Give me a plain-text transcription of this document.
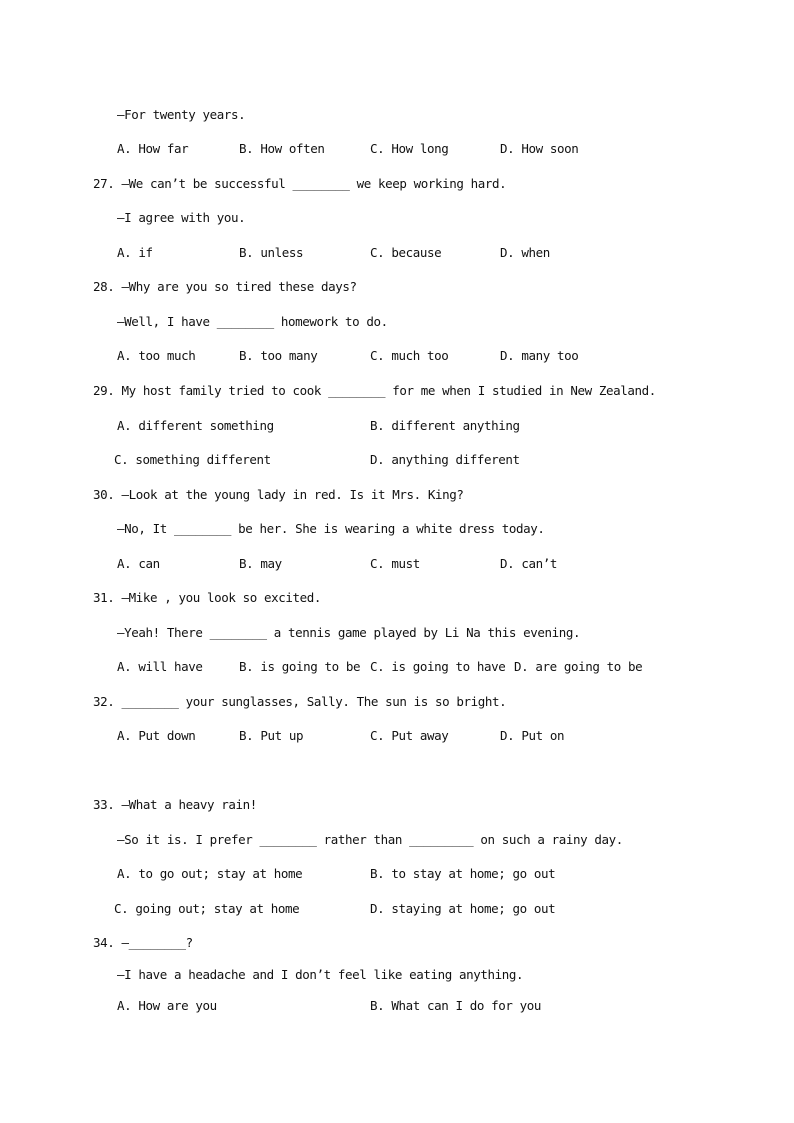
—For twenty years.
A. How far	B. How often	C. How long	D. How soon
27. —We can’t be successful ________ we keep working hard.
—I agree with you.
A. if	B. unless	C. because	D. when
28. —Why are you so tired these days?
—Well, I have ________ homework to do.
A. too much	B. too many	C. much too	D. many too
29. My host family tried to cook ________ for me when I studied in New Zealand.
A. different something	B. different anything
C. something different	D. anything different
30. —Look at the young lady in red. Is it Mrs. King?
—No, It ________ be her. She is wearing a white dress today.
A. can	B. may	C. must	D. can’t
31. —Mike , you look so excited.
—Yeah! There ________ a tennis game played by Li Na this evening.
A. will have	B. is going to be C. is going to have D. are going to be
32. ________ your sunglasses, Sally. The sun is so bright.
A. Put down	B. Put up	C. Put away	D. Put on
33. —What a heavy rain!
—So it is. I prefer ________ rather than _________ on such a rainy day.
A. to go out; stay at home	B. to stay at home; go out
C. going out; stay at home	D. staying at home; go out
34. —________?
—I have a headache and I don’t feel like eating anything.
A. How are you	B. What can I do for you
